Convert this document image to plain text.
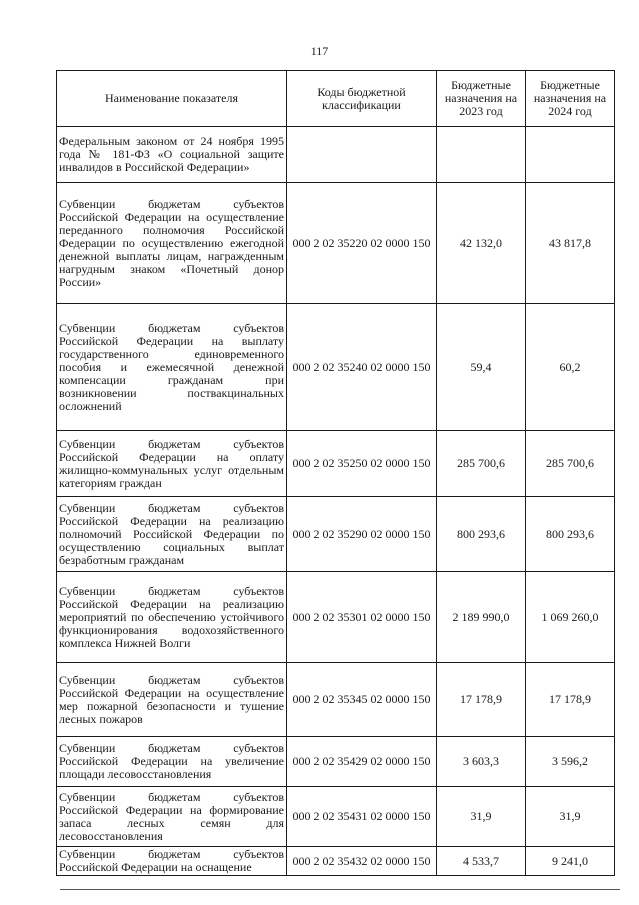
117
Наименование показателя	Коды бюджетной классификации	Бюджетные назначения на 2023 год	Бюджетные назначения на 2024 год
Федеральным законом от 24 ноября 1995 года № 181-ФЗ «О социальной защите инвалидов в Российской Федерации»			
Субвенции бюджетам субъектов Российской Федерации на осуществление переданного полномочия Российской Федерации по осуществлению ежегодной денежной выплаты лицам, награжденным нагрудным знаком «Почетный донор России»	000 2 02 35220 02 0000 150	42 132,0	43 817,8
Субвенции бюджетам субъектов Российской Федерации на выплату государственного единовременного пособия и ежемесячной денежной компенсации гражданам при возникновении поствакцинальных осложнений	000 2 02 35240 02 0000 150	59,4	60,2
Субвенции бюджетам субъектов Российской Федерации на оплату жилищно-коммунальных услуг отдельным категориям граждан	000 2 02 35250 02 0000 150	285 700,6	285 700,6
Субвенции бюджетам субъектов Российской Федерации на реализацию полномочий Российской Федерации по осуществлению социальных выплат безработным гражданам	000 2 02 35290 02 0000 150	800 293,6	800 293,6
Субвенции бюджетам субъектов Российской Федерации на реализацию мероприятий по обеспечению устойчивого функционирования водохозяйственного комплекса Нижней Волги	000 2 02 35301 02 0000 150	2 189 990,0	1 069 260,0
Субвенции бюджетам субъектов Российской Федерации на осуществление мер пожарной безопасности и тушение лесных пожаров	000 2 02 35345 02 0000 150	17 178,9	17 178,9
Субвенции бюджетам субъектов Российской Федерации на увеличение площади лесовосстановления	000 2 02 35429 02 0000 150	3 603,3	3 596,2
Субвенции бюджетам субъектов Российской Федерации на формирование запаса лесных семян для лесовосстановления	000 2 02 35431 02 0000 150	31,9	31,9
Субвенции бюджетам субъектов Российской Федерации на оснащение	000 2 02 35432 02 0000 150	4 533,7	9 241,0
